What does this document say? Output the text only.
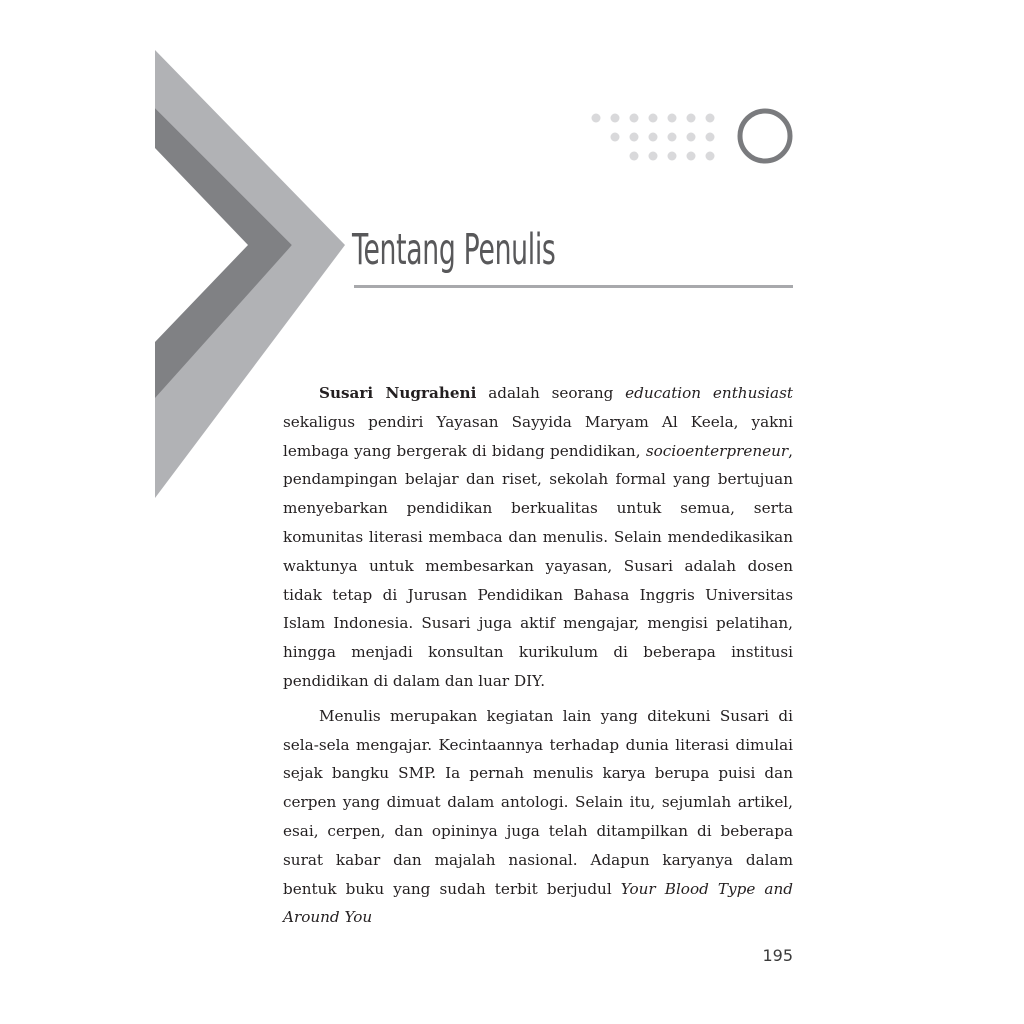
Tentang Penulis

Susari Nugraheni adalah seorang education enthusiast sekaligus pendiri Yayasan Sayyida Maryam Al Keela, yakni lembaga yang bergerak di bidang pendidikan, socioenterpreneur, pendampingan belajar dan riset, sekolah formal yang bertujuan menyebarkan pendidikan berkualitas untuk semua, serta komunitas literasi membaca dan menulis. Selain mendedikasikan waktunya untuk membesarkan yayasan, Susari adalah dosen tidak tetap di Jurusan Pendidikan Bahasa Inggris Universitas Islam Indonesia. Susari juga aktif mengajar, mengisi pelatihan, hingga menjadi konsultan kurikulum di beberapa institusi pendidikan di dalam dan luar DIY.

Menulis merupakan kegiatan lain yang ditekuni Susari di sela-sela mengajar. Kecintaannya terhadap dunia literasi dimulai sejak bangku SMP. Ia pernah menulis karya berupa puisi dan cerpen yang dimuat dalam antologi. Selain itu, sejumlah artikel, esai, cerpen, dan opininya juga telah ditampilkan di beberapa surat kabar dan majalah nasional. Adapun karyanya dalam bentuk buku yang sudah terbit berjudul Your Blood Type and Around You

195
